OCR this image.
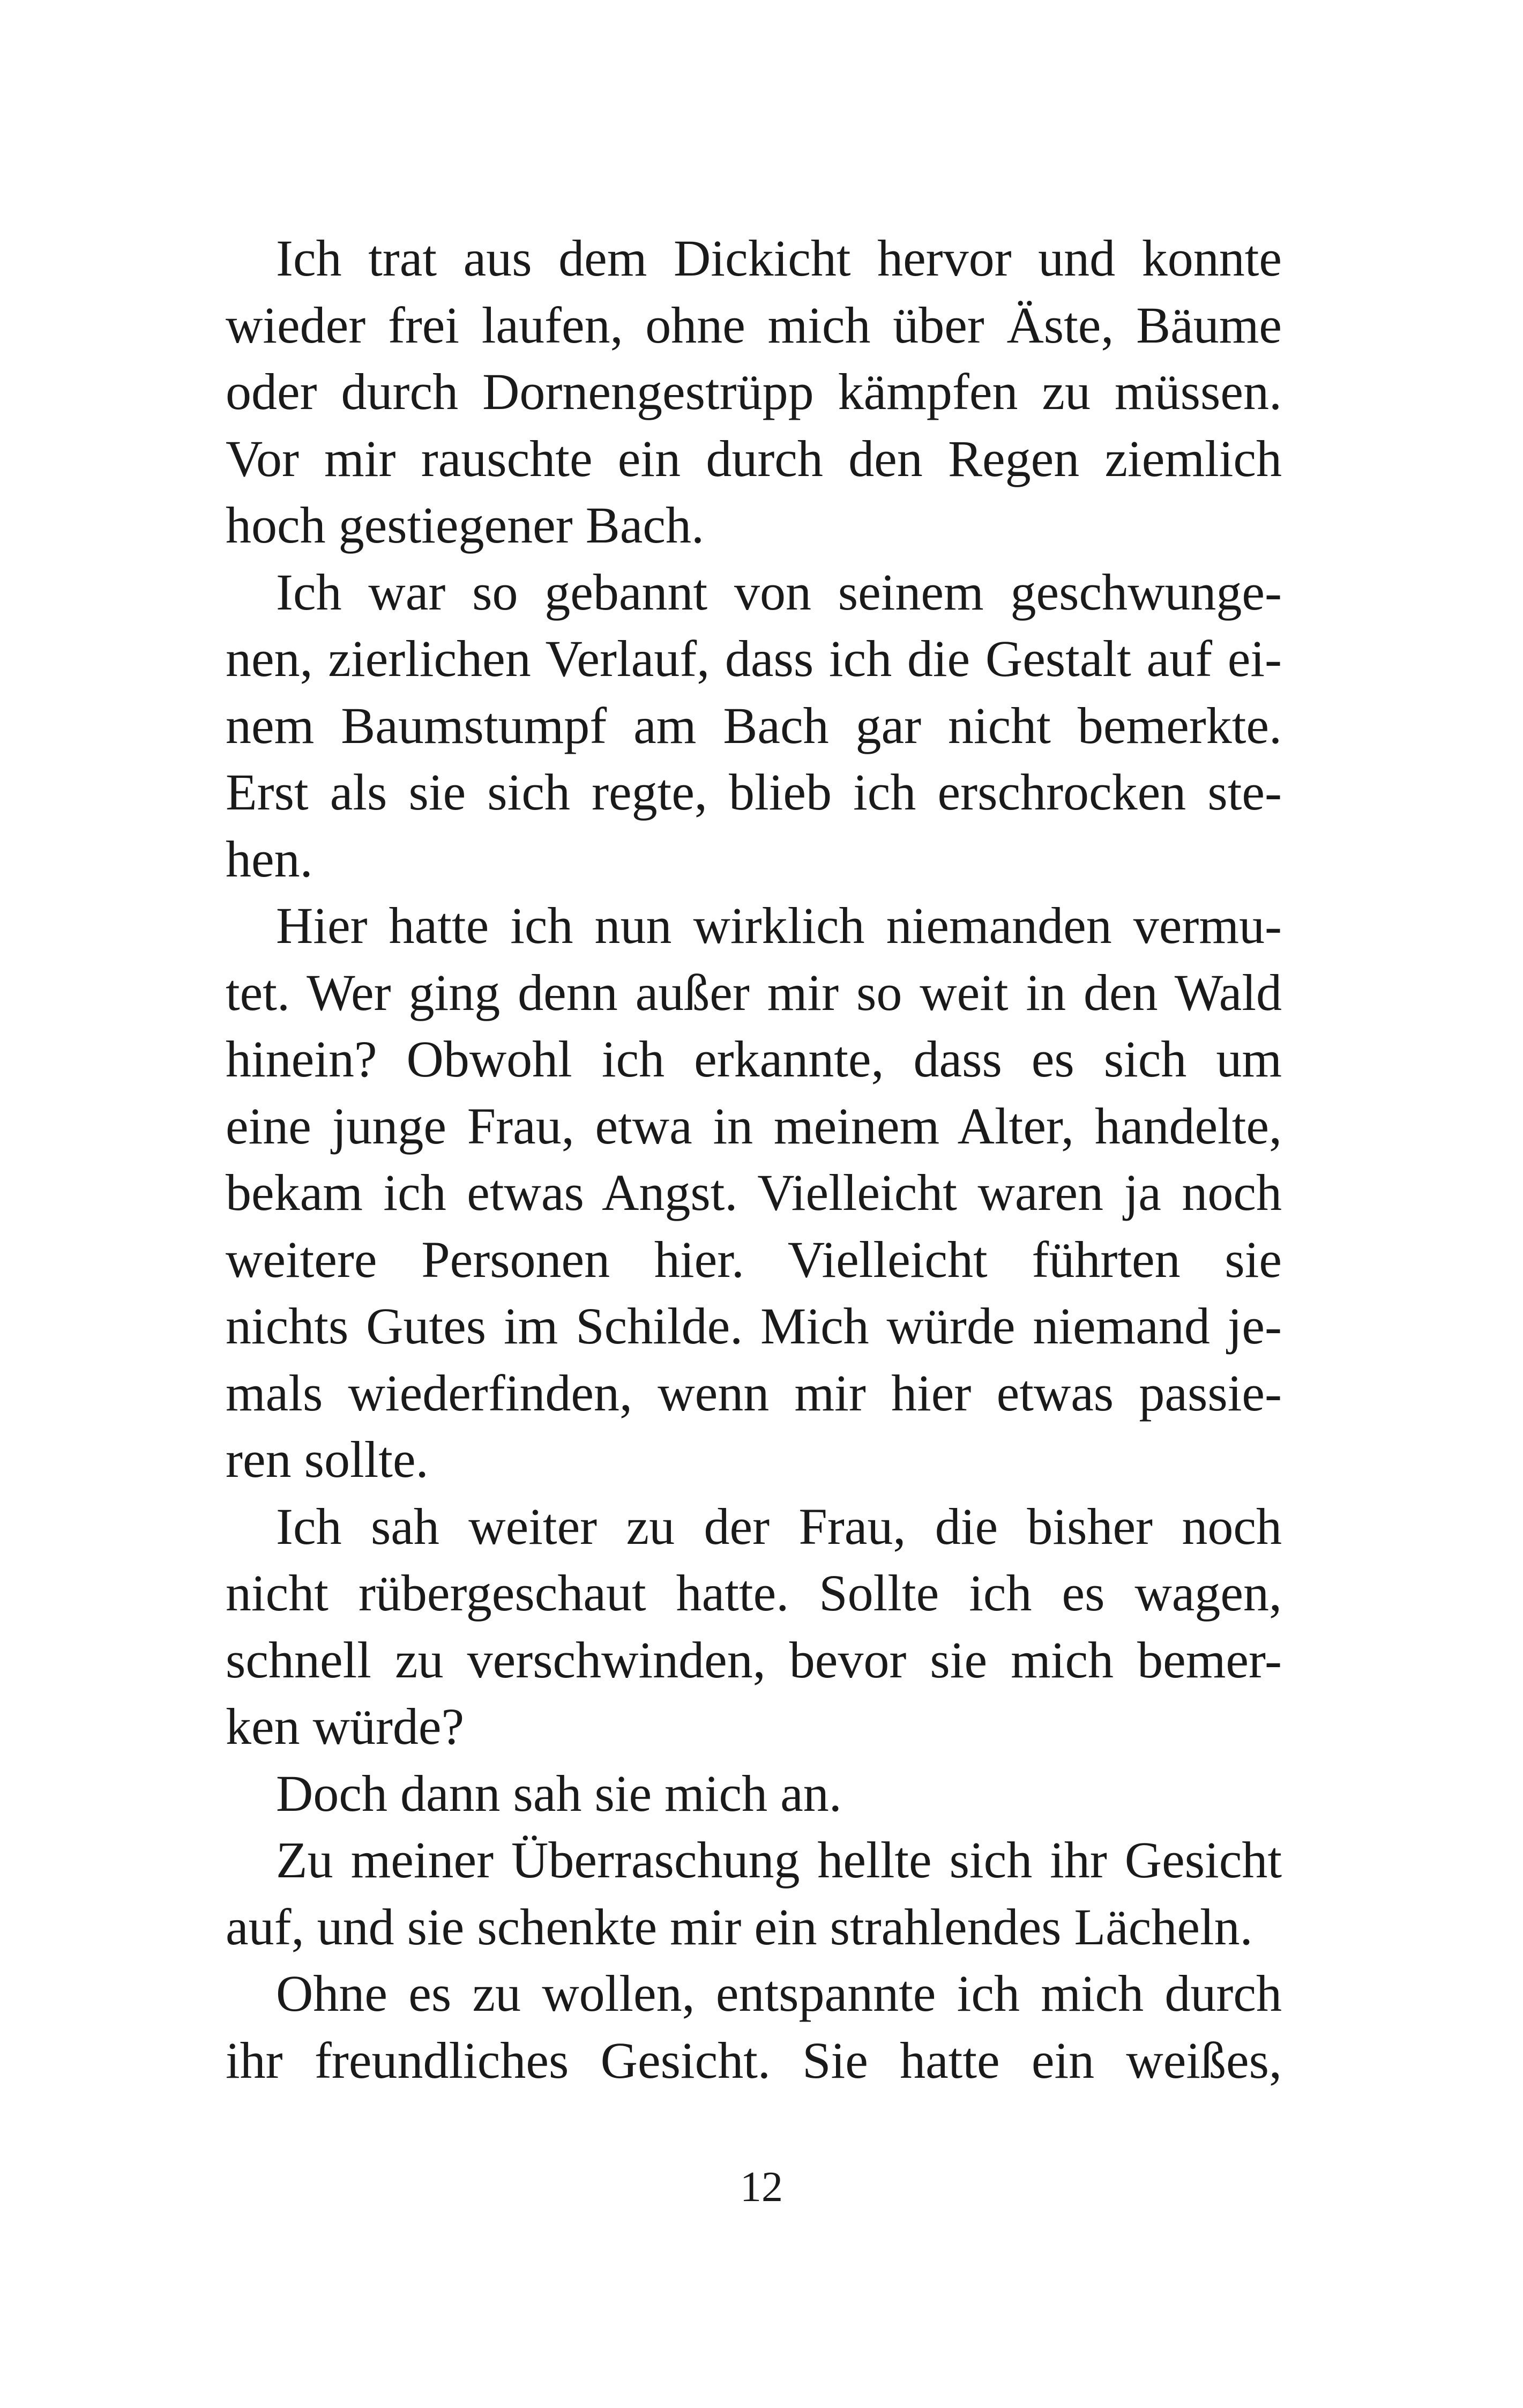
Ich trat aus dem Dickicht hervor und konnte
wieder frei laufen, ohne mich über Äste, Bäume
oder durch Dornengestrüpp kämpfen zu müssen.
Vor mir rauschte ein durch den Regen ziemlich
hoch gestiegener Bach.
Ich war so gebannt von seinem geschwunge-
nen, zierlichen Verlauf, dass ich die Gestalt auf ei-
nem Baumstumpf am Bach gar nicht bemerkte.
Erst als sie sich regte, blieb ich erschrocken ste-
hen.
Hier hatte ich nun wirklich niemanden vermu-
tet. Wer ging denn außer mir so weit in den Wald
hinein? Obwohl ich erkannte, dass es sich um
eine junge Frau, etwa in meinem Alter, handelte,
bekam ich etwas Angst. Vielleicht waren ja noch
weitere Personen hier. Vielleicht führten sie
nichts Gutes im Schilde. Mich würde niemand je-
mals wiederfinden, wenn mir hier etwas passie-
ren sollte.
Ich sah weiter zu der Frau, die bisher noch
nicht rübergeschaut hatte. Sollte ich es wagen,
schnell zu verschwinden, bevor sie mich bemer-
ken würde?
Doch dann sah sie mich an.
Zu meiner Überraschung hellte sich ihr Gesicht
auf, und sie schenkte mir ein strahlendes Lächeln.
Ohne es zu wollen, entspannte ich mich durch
ihr freundliches Gesicht. Sie hatte ein weißes,
12
